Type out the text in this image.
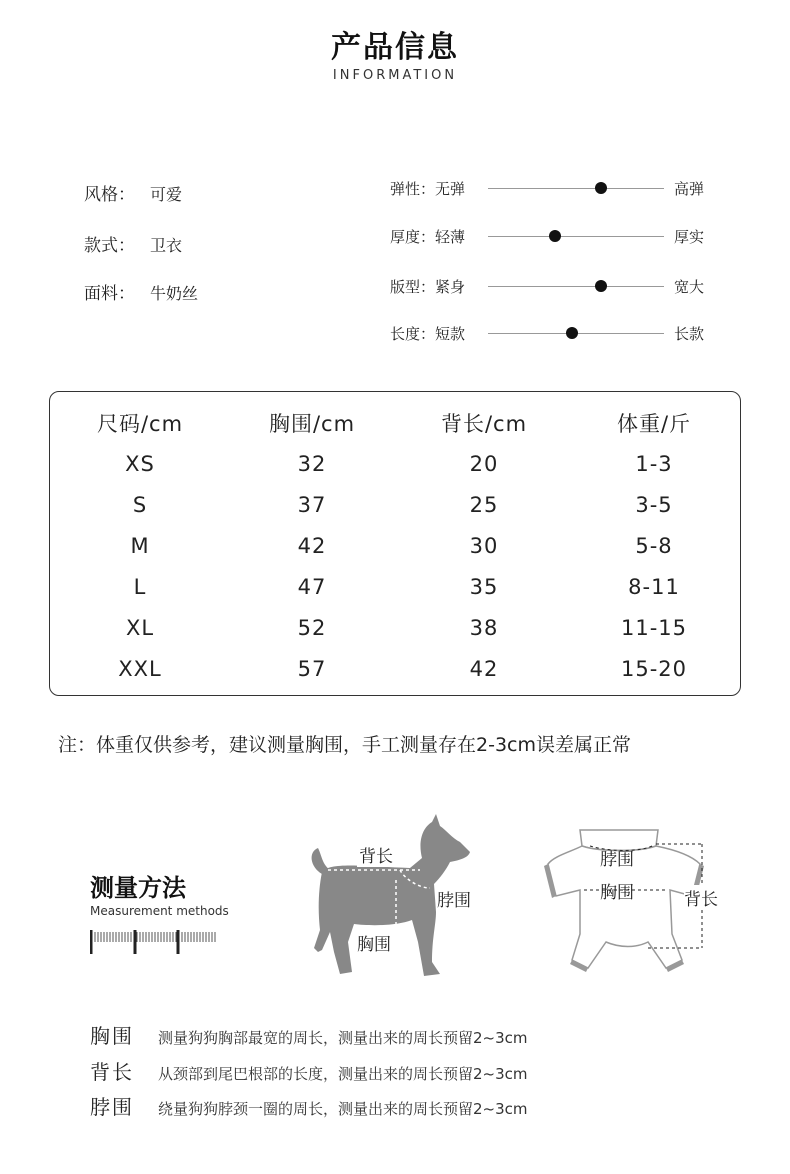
产品信息
INFORMATION
风格： 可爱
款式： 卫衣
面料： 牛奶丝
弹性：无弹	高弹
厚度：轻薄	厚实
版型：紧身	宽大
长度：短款	长款
尺码/cm	胸围/cm	背长/cm	体重/斤
XS	32	20	1-3
S	37	25	3-5
M	42	30	5-8
L	47	35	8-11
XL	52	38	11-15
XXL	57	42	15-20
注：体重仅供参考，建议测量胸围，手工测量存在2-3cm误差属正常
测量方法
Measurement methods
背长
脖围
胸围
脖围
胸围	背长
胸围 测量狗狗胸部最宽的周长，测量出来的周长预留2~3cm
背长 从颈部到尾巴根部的长度，测量出来的周长预留2~3cm
脖围 绕量狗狗脖颈一圈的周长，测量出来的周长预留2~3cm
